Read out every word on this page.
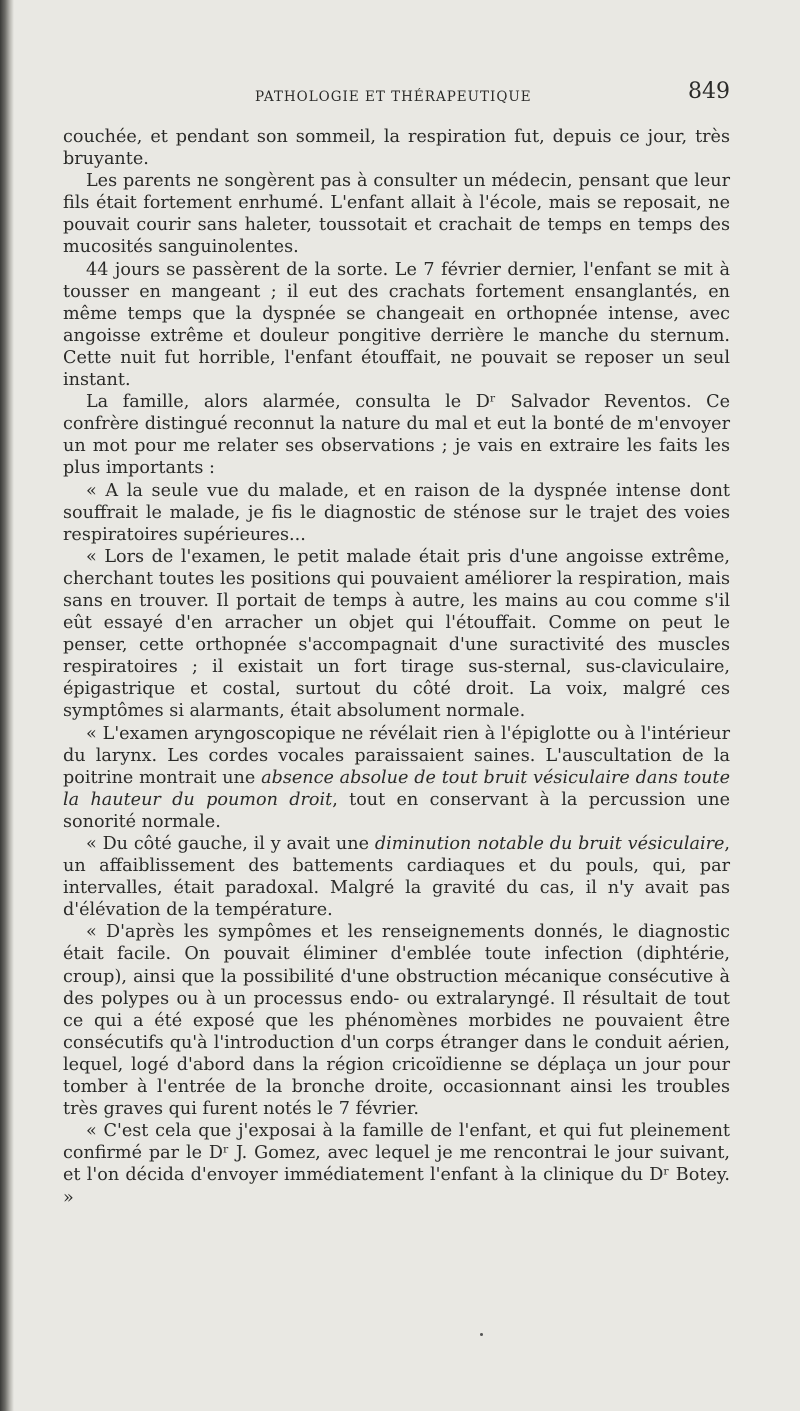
PATHOLOGIE ET THÉRAPEUTIQUE	849

couchée, et pendant son sommeil, la respiration fut, depuis ce jour, très bruyante.

Les parents ne songèrent pas à consulter un médecin, pensant que leur fils était fortement enrhumé. L'enfant allait à l'école, mais se reposait, ne pouvait courir sans haleter, toussotait et crachait de temps en temps des mucosités sanguinolentes.

44 jours se passèrent de la sorte. Le 7 février dernier, l'enfant se mit à tousser en mangeant ; il eut des crachats fortement ensanglantés, en même temps que la dyspnée se changeait en orthopnée intense, avec angoisse extrême et douleur pongitive derrière le manche du sternum. Cette nuit fut horrible, l'enfant étouffait, ne pouvait se reposer un seul instant.

La famille, alors alarmée, consulta le Dʳ Salvador Reventos. Ce confrère distingué reconnut la nature du mal et eut la bonté de m'envoyer un mot pour me relater ses observations ; je vais en extraire les faits les plus importants :

« A la seule vue du malade, et en raison de la dyspnée intense dont souffrait le malade, je fis le diagnostic de sténose sur le trajet des voies respiratoires supérieures...

« Lors de l'examen, le petit malade était pris d'une angoisse extrême, cherchant toutes les positions qui pouvaient améliorer la respiration, mais sans en trouver. Il portait de temps à autre, les mains au cou comme s'il eût essayé d'en arracher un objet qui l'étouffait. Comme on peut le penser, cette orthopnée s'accompagnait d'une suractivité des muscles respiratoires ; il existait un fort tirage sus-sternal, sus-claviculaire, épigastrique et costal, surtout du côté droit. La voix, malgré ces symptômes si alarmants, était absolument normale.

« L'examen aryngoscopique ne révélait rien à l'épiglotte ou à l'intérieur du larynx. Les cordes vocales paraissaient saines. L'auscultation de la poitrine montrait une absence absolue de tout bruit vésiculaire dans toute la hauteur du poumon droit, tout en conservant à la percussion une sonorité normale.

« Du côté gauche, il y avait une diminution notable du bruit vésiculaire, un affaiblissement des battements cardiaques et du pouls, qui, par intervalles, était paradoxal. Malgré la gravité du cas, il n'y avait pas d'élévation de la température.

« D'après les sympômes et les renseignements donnés, le diagnostic était facile. On pouvait éliminer d'emblée toute infection (diphtérie, croup), ainsi que la possibilité d'une obstruction mécanique consécutive à des polypes ou à un processus endo- ou extralaryngé. Il résultait de tout ce qui a été exposé que les phénomènes morbides ne pouvaient être consécutifs qu'à l'introduction d'un corps étranger dans le conduit aérien, lequel, logé d'abord dans la région cricoïdienne se déplaça un jour pour tomber à l'entrée de la bronche droite, occasionnant ainsi les troubles très graves qui furent notés le 7 février.

« C'est cela que j'exposai à la famille de l'enfant, et qui fut pleinement confirmé par le Dʳ J. Gomez, avec lequel je me rencontrai le jour suivant, et l'on décida d'envoyer immédiatement l'enfant à la clinique du Dʳ Botey. »
